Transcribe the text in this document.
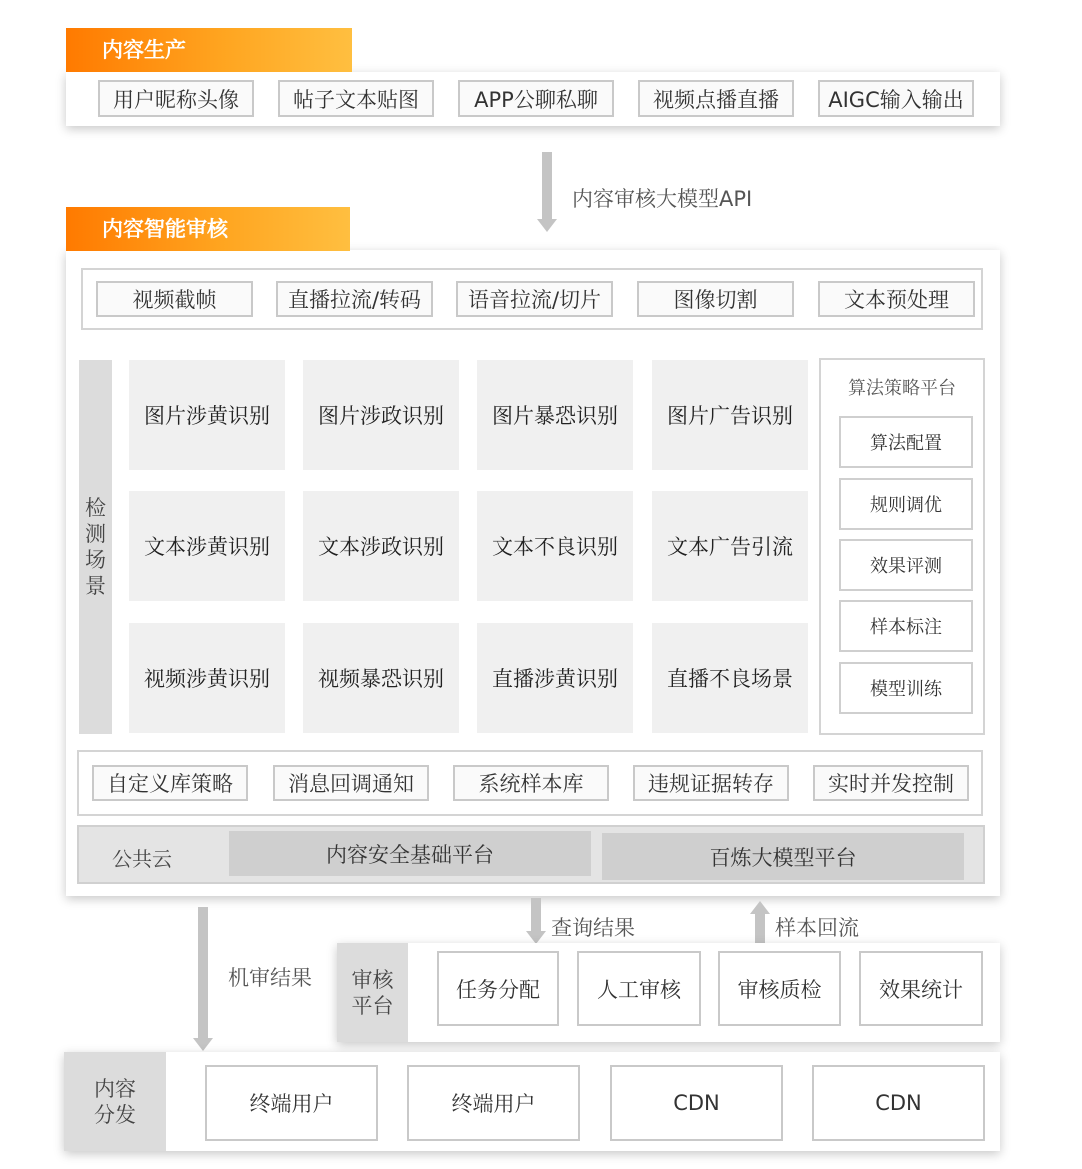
内容生产
用户昵称头像	帖子文本贴图	APP公聊私聊	视频点播直播	AIGC输入输出
内容审核大模型API
内容智能审核
视频截帧	直播拉流/转码	语音拉流/切片	图像切割	文本预处理
检
测
场
景
图片涉黄识别	图片涉政识别	图片暴恐识别	图片广告识别
文本涉黄识别	文本涉政识别	文本不良识别	文本广告引流
视频涉黄识别	视频暴恐识别	直播涉黄识别	直播不良场景
算法策略平台
算法配置
规则调优
效果评测
样本标注
模型训练
自定义库策略	消息回调通知	系统样本库	违规证据转存	实时并发控制
公共云	内容安全基础平台	百炼大模型平台
机审结果
查询结果	样本回流
审核
平台
任务分配	人工审核	审核质检	效果统计
内容
分发	终端用户	终端用户	CDN	CDN
